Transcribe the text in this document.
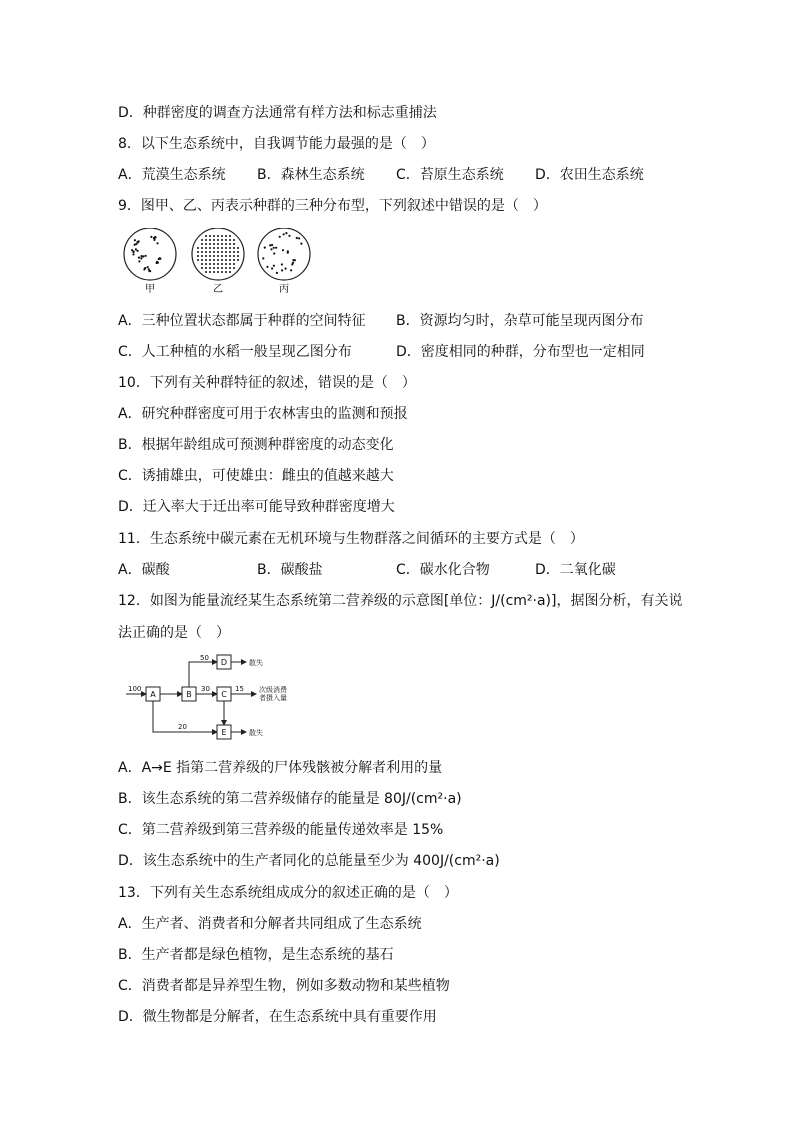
D．种群密度的调查方法通常有样方法和标志重捕法
8．以下生态系统中，自我调节能力最强的是（　）
A．荒漠生态系统 B．森林生态系统 C．苔原生态系统 D．农田生态系统
9．图甲、乙、丙表示种群的三种分布型，下列叙述中错误的是（　）
甲	乙	丙
A．三种位置状态都属于种群的空间特征 B．资源均匀时，杂草可能呈现丙图分布
C．人工种植的水稻一般呈现乙图分布	D．密度相同的种群，分布型也一定相同
10．下列有关种群特征的叙述，错误的是（　）
A．研究种群密度可用于农林害虫的监测和预报
B．根据年龄组成可预测种群密度的动态变化
C．诱捕雄虫，可使雄虫：雌虫的值越来越大
D．迁入率大于迁出率可能导致种群密度增大
11．生态系统中碳元素在无机环境与生物群落之间循环的主要方式是（　）
A．碳酸	B．碳酸盐	C．碳水化合物	D．二氧化碳
12．如图为能量流经某生态系统第二营养级的示意图[单位：J/(cm²·a)]，据图分析，有关说
法正确的是（　）
A	B	C
D
E
100
50
30	15
20
散失
散失
次级消费
者摄入量
A．A→E 指第二营养级的尸体残骸被分解者利用的量
B．该生态系统的第二营养级储存的能量是 80J/(cm²·a)
C．第二营养级到第三营养级的能量传递效率是 15%
D．该生态系统中的生产者同化的总能量至少为 400J/(cm²·a)
13．下列有关生态系统组成成分的叙述正确的是（　）
A．生产者、消费者和分解者共同组成了生态系统
B．生产者都是绿色植物，是生态系统的基石
C．消费者都是异养型生物，例如多数动物和某些植物
D．微生物都是分解者，在生态系统中具有重要作用
